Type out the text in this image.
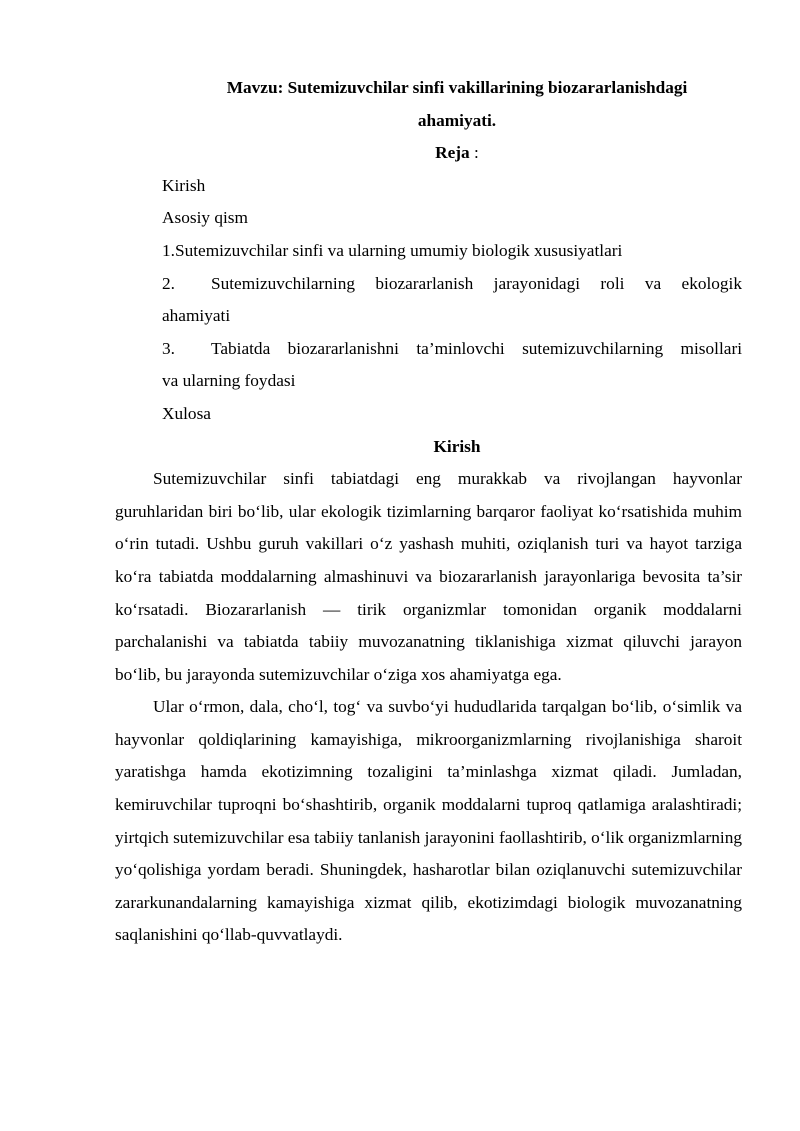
Mavzu: Sutemizuvchilar sinfi vakillarining biozararlanishdagi
ahamiyati.

Reja :

Kirish
Asosiy qism
1.Sutemizuvchilar sinfi va ularning umumiy biologik xususiyatlari
2. Sutemizuvchilarning biozararlanish jarayonidagi roli va ekologik
ahamiyati
3. Tabiatda biozararlanishni ta’minlovchi sutemizuvchilarning misollari
va ularning foydasi
Xulosa

Kirish

Sutemizuvchilar sinfi tabiatdagi eng murakkab va rivojlangan hayvonlar guruhlaridan biri bo‘lib, ular ekologik tizimlarning barqaror faoliyat ko‘rsatishida muhim o‘rin tutadi. Ushbu guruh vakillari o‘z yashash muhiti, oziqlanish turi va hayot tarziga ko‘ra tabiatda moddalarning almashinuvi va biozararlanish jarayonlariga bevosita ta’sir ko‘rsatadi. Biozararlanish — tirik organizmlar tomonidan organik moddalarni parchalanishi va tabiatda tabiiy muvozanatning tiklanishiga xizmat qiluvchi jarayon bo‘lib, bu jarayonda sutemizuvchilar o‘ziga xos ahamiyatga ega.

Ular o‘rmon, dala, cho‘l, tog‘ va suvbo‘yi hududlarida tarqalgan bo‘lib, o‘simlik va hayvonlar qoldiqlarining kamayishiga, mikroorganizmlarning rivojlanishiga sharoit yaratishga hamda ekotizimning tozaligini ta’minlashga xizmat qiladi. Jumladan, kemiruvchilar tuproqni bo‘shashtirib, organik moddalarni tuproq qatlamiga aralashtiradi; yirtqich sutemizuvchilar esa tabiiy tanlanish jarayonini faollashtirib, o‘lik organizmlarning yo‘qolishiga yordam beradi. Shuningdek, hasharotlar bilan oziqlanuvchi sutemizuvchilar zararkunandalarning kamayishiga xizmat qilib, ekotizimdagi biologik muvozanatning saqlanishini qo‘llab-quvvatlaydi.
